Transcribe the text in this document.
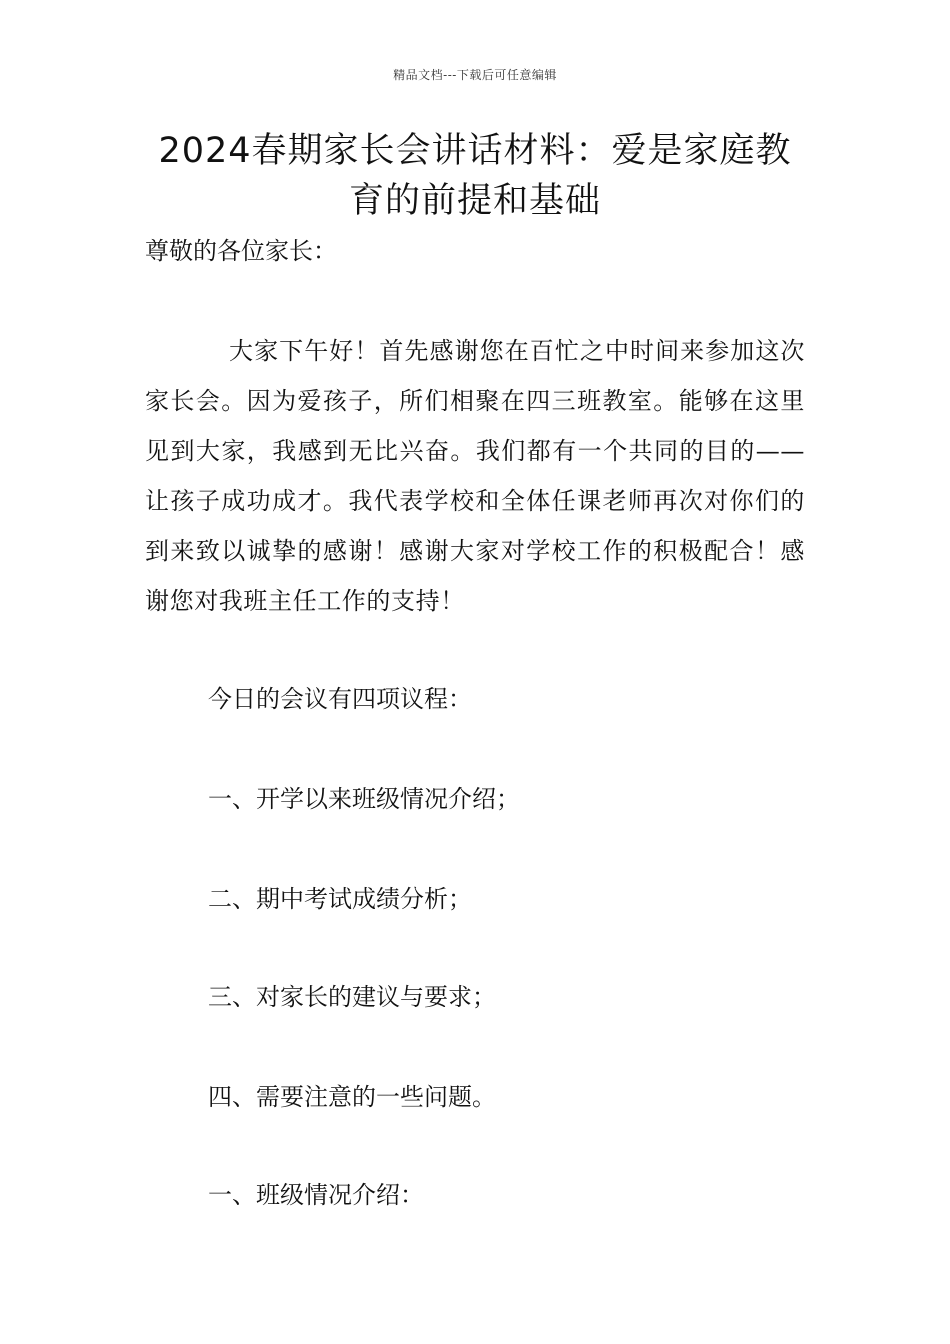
精品文档---下载后可任意编辑
2024春期家长会讲话材料：爱是家庭教育的前提和基础
尊敬的各位家长：
大家下午好！首先感谢您在百忙之中时间来参加这次家长会。因为爱孩子，所们相聚在四三班教室。能够在这里见到大家，我感到无比兴奋。我们都有一个共同的目的——让孩子成功成才。我代表学校和全体任课老师再次对你们的到来致以诚挚的感谢！感谢大家对学校工作的积极配合！感谢您对我班主任工作的支持！
今日的会议有四项议程：
一、开学以来班级情况介绍；
二、期中考试成绩分析；
三、对家长的建议与要求；
四、需要注意的一些问题。
一、班级情况介绍：
